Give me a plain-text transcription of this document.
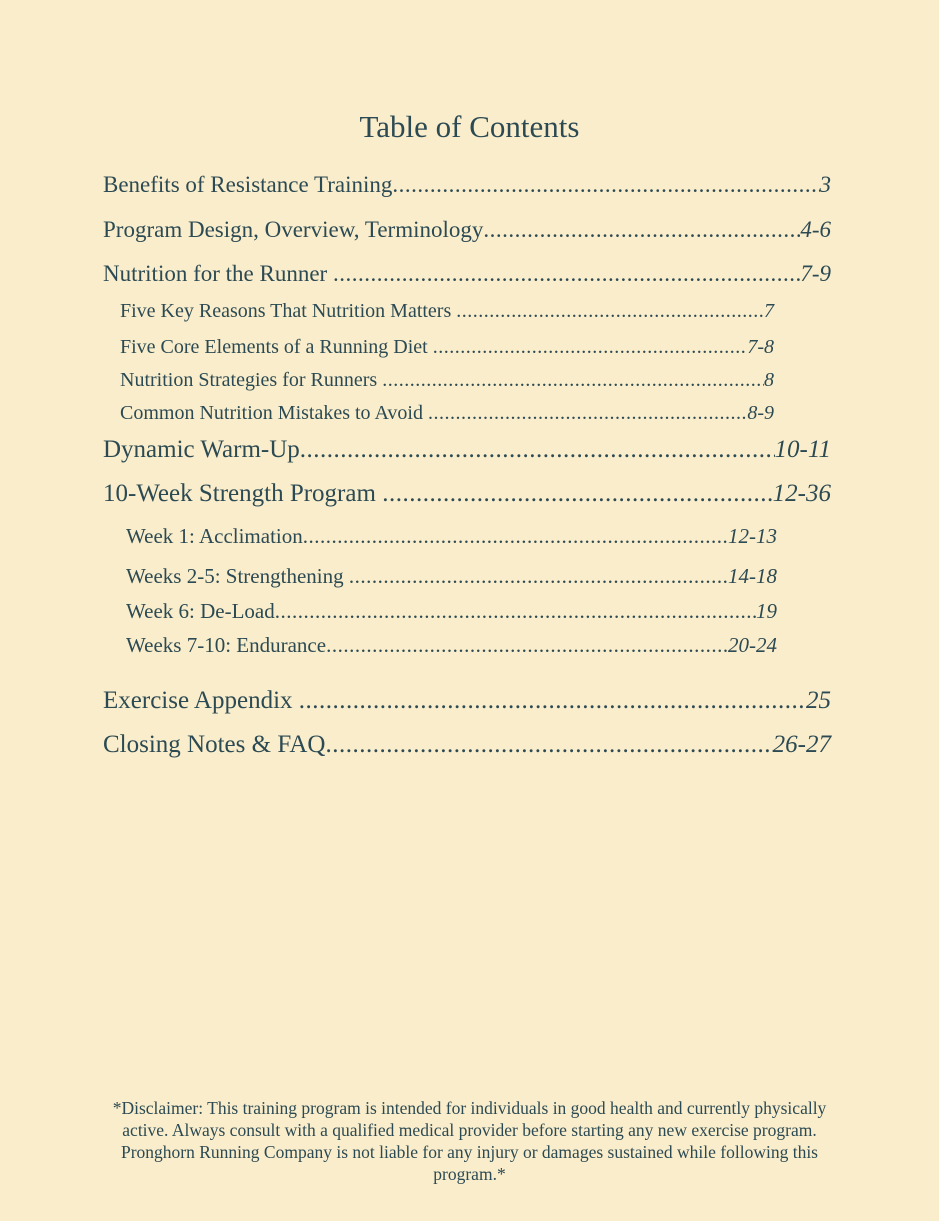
Table of Contents
Benefits of Resistance Training .....	3
Program Design, Overview, Terminology .....	4-6
Nutrition for the Runner .....	7-9
Five Key Reasons That Nutrition Matters .....	7
Five Core Elements of a Running Diet .....	7-8
Nutrition Strategies for Runners .....	8
Common Nutrition Mistakes to Avoid .....	8-9
Dynamic Warm-Up .....	10-11
10-Week Strength Program .....	12-36
Week 1: Acclimation .....	12-13
Weeks 2-5: Strengthening .....	14-18
Week 6: De-Load .....	19
Weeks 7-10: Endurance .....	20-24
Exercise Appendix .....	25
Closing Notes & FAQ .....	26-27

*Disclaimer: This training program is intended for individuals in good health and currently physically active. Always consult with a qualified medical provider before starting any new exercise program. Pronghorn Running Company is not liable for any injury or damages sustained while following this program.*
